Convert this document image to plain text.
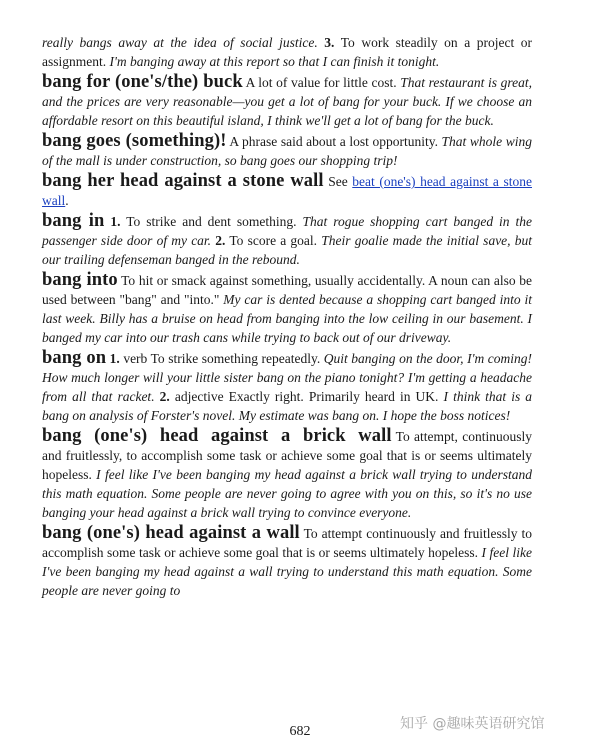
really bangs away at the idea of social justice. 3. To work steadily on a project or assignment. I'm banging away at this report so that I can finish it tonight.
bang for (one's/the) buck A lot of value for little cost. That restaurant is great, and the prices are very reasonable—you get a lot of bang for your buck. If we choose an affordable resort on this beautiful island, I think we'll get a lot of bang for the buck.
bang goes (something)! A phrase said about a lost opportunity. That whole wing of the mall is under construction, so bang goes our shopping trip!
bang her head against a stone wall See beat (one's) head against a stone wall.
bang in 1. To strike and dent something. That rogue shopping cart banged in the passenger side door of my car. 2. To score a goal. Their goalie made the initial save, but our trailing defenseman banged in the rebound.
bang into To hit or smack against something, usually accidentally. A noun can also be used between "bang" and "into." My car is dented because a shopping cart banged into it last week. Billy has a bruise on head from banging into the low ceiling in our basement. I banged my car into our trash cans while trying to back out of our driveway.
bang on 1. verb To strike something repeatedly. Quit banging on the door, I'm coming! How much longer will your little sister bang on the piano tonight? I'm getting a headache from all that racket. 2. adjective Exactly right. Primarily heard in UK. I think that is a bang on analysis of Forster's novel. My estimate was bang on. I hope the boss notices!
bang (one's) head against a brick wall To attempt, continuously and fruitlessly, to accomplish some task or achieve some goal that is or seems ultimately hopeless. I feel like I've been banging my head against a brick wall trying to understand this math equation. Some people are never going to agree with you on this, so it's no use banging your head against a brick wall trying to convince everyone.
bang (one's) head against a wall To attempt continuously and fruitlessly to accomplish some task or achieve some goal that is or seems ultimately hopeless. I feel like I've been banging my head against a wall trying to understand this math equation. Some people are never going to
682	知乎 @趣味英语研究馆
